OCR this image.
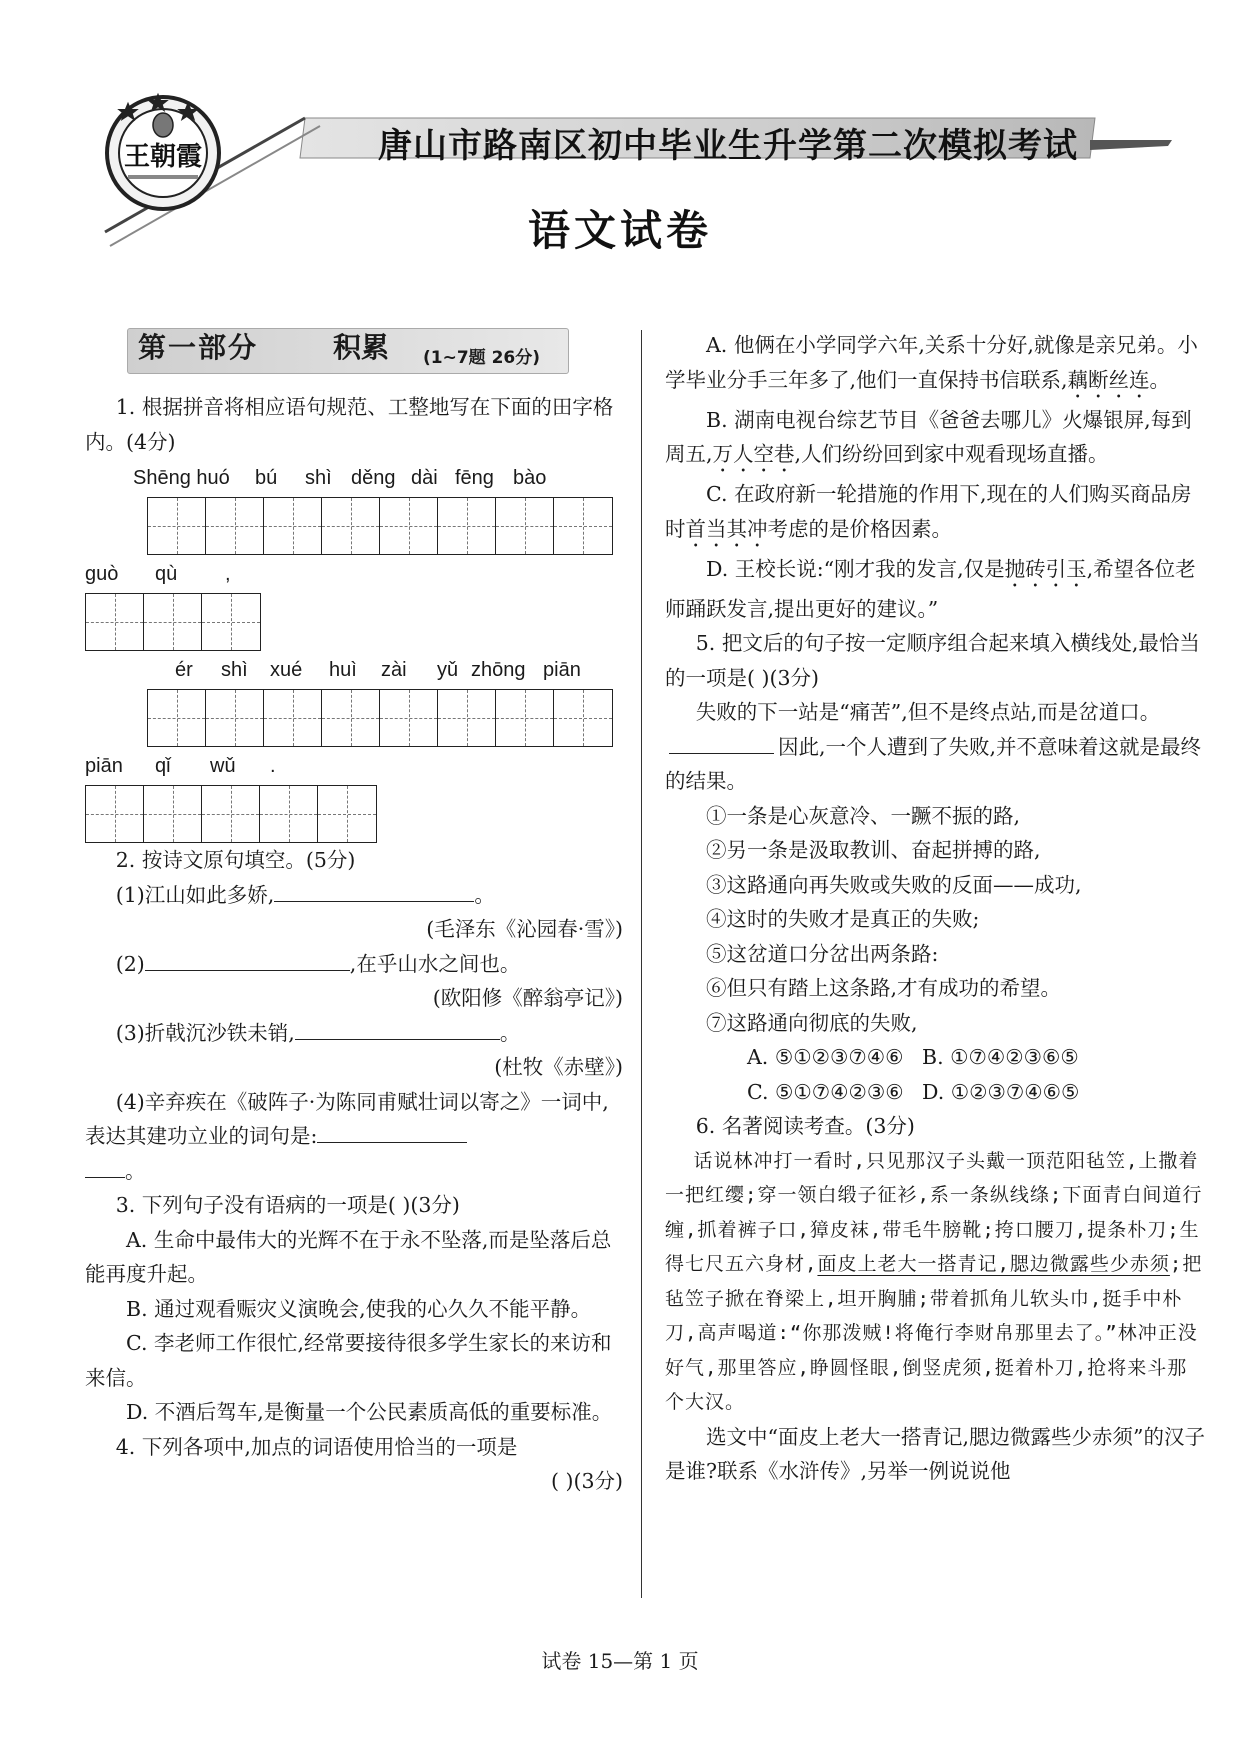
王朝霞	唐山市路南区初中毕业生升学第二次模拟考试
语文试卷
第一部分	积累 (1~7题 26分)

1. 根据拼音将相应语句规范、工整地写在下面的田字格内。(4分)

Shēng huó bú shì děng dài fēng bào
guò qù ,
ér shì xué huì zài yǔ zhōng piān
piān qǐ wǔ .

2. 按诗文原句填空。(5分)

(1)江山如此多娇,	。

(毛泽东《沁园春·雪》)

(2)	,在乎山水之间也。

(欧阳修《醉翁亭记》)

(3)折戟沉沙铁未销,	。

(杜牧《赤壁》)

(4)辛弃疾在《破阵子·为陈同甫赋壮词以寄之》一词中,表达其建功立业的词句是:
。

3. 下列句子没有语病的一项是( )(3分)

A. 生命中最伟大的光辉不在于永不坠落,而是坠落后总能再度升起。

B. 通过观看赈灾义演晚会,使我的心久久不能平静。

C. 李老师工作很忙,经常要接待很多学生家长的来访和来信。

D. 不酒后驾车,是衡量一个公民素质高低的重要标准。

4. 下列各项中,加点的词语使用恰当的一项是

( )(3分)

A. 他俩在小学同学六年,关系十分好,就像是亲兄弟。小学毕业分手三年多了,他们一直保持书信联系,藕断丝连。

B. 湖南电视台综艺节目《爸爸去哪儿》火爆银屏,每到周五,万人空巷,人们纷纷回到家中观看现场直播。

C. 在政府新一轮措施的作用下,现在的人们购买商品房时首当其冲考虑的是价格因素。

D. 王校长说:“刚才我的发言,仅是抛砖引玉,希望各位老师踊跃发言,提出更好的建议。”

5. 把文后的句子按一定顺序组合起来填入横线处,最恰当的一项是( )(3分)

失败的下一站是“痛苦”,但不是终点站,而是岔道口。因此,一个人遭到了失败,并不意味着这就是最终的结果。

①一条是心灰意冷、一蹶不振的路,

②另一条是汲取教训、奋起拼搏的路,

③这路通向再失败或失败的反面——成功,

④这时的失败才是真正的失败;

⑤这岔道口分岔出两条路:

⑥但只有踏上这条路,才有成功的希望。

⑦这路通向彻底的失败,

A. ⑤①②③⑦④⑥ B. ①⑦④②③⑥⑤

C. ⑤①⑦④②③⑥ D. ①②③⑦④⑥⑤

6. 名著阅读考查。(3分)

话说林冲打一看时,只见那汉子头戴一顶范阳毡笠,上撒着一把红缨;穿一领白缎子征衫,系一条纵线绦;下面青白间道行缠,抓着裤子口,獐皮袜,带毛牛膀靴;挎口腰刀,提条朴刀;生得七尺五六身材,面皮上老大一搭青记,腮边微露些少赤须;把毡笠子掀在脊梁上,坦开胸脯;带着抓角儿软头巾,挺手中朴刀,高声喝道:“你那泼贼!将俺行李财帛那里去了。”林冲正没好气,那里答应,睁圆怪眼,倒竖虎须,挺着朴刀,抢将来斗那个大汉。

选文中“面皮上老大一搭青记,腮边微露些少赤须”的汉子是谁?联系《水浒传》,另举一例说说他

试卷 15—第 1 页
